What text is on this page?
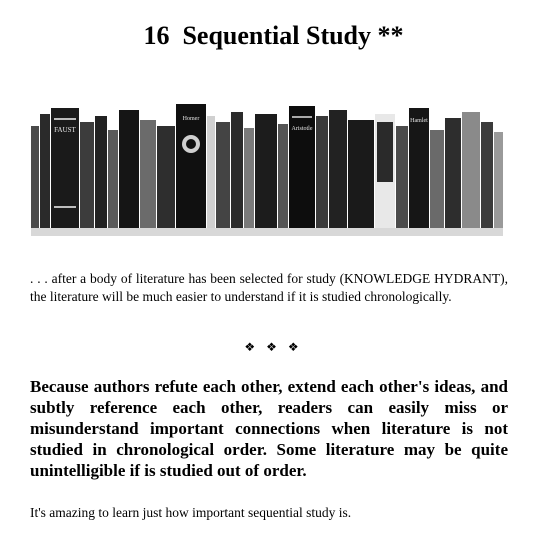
16  Sequential Study **
FAUST
Homer
Aristotle
Hamlet
. . . after a body of literature has been selected for study (KNOWLEDGE HYDRANT), the literature will be much easier to understand if it is studied chronologically.
❖ ❖ ❖
Because authors refute each other, extend each other's ideas, and subtly reference each other, readers can easily miss or misunderstand important connections when literature is not studied in chronological order. Some literature may be quite unintelligible if is studied out of order.
It's amazing to learn just how important sequential study is.
